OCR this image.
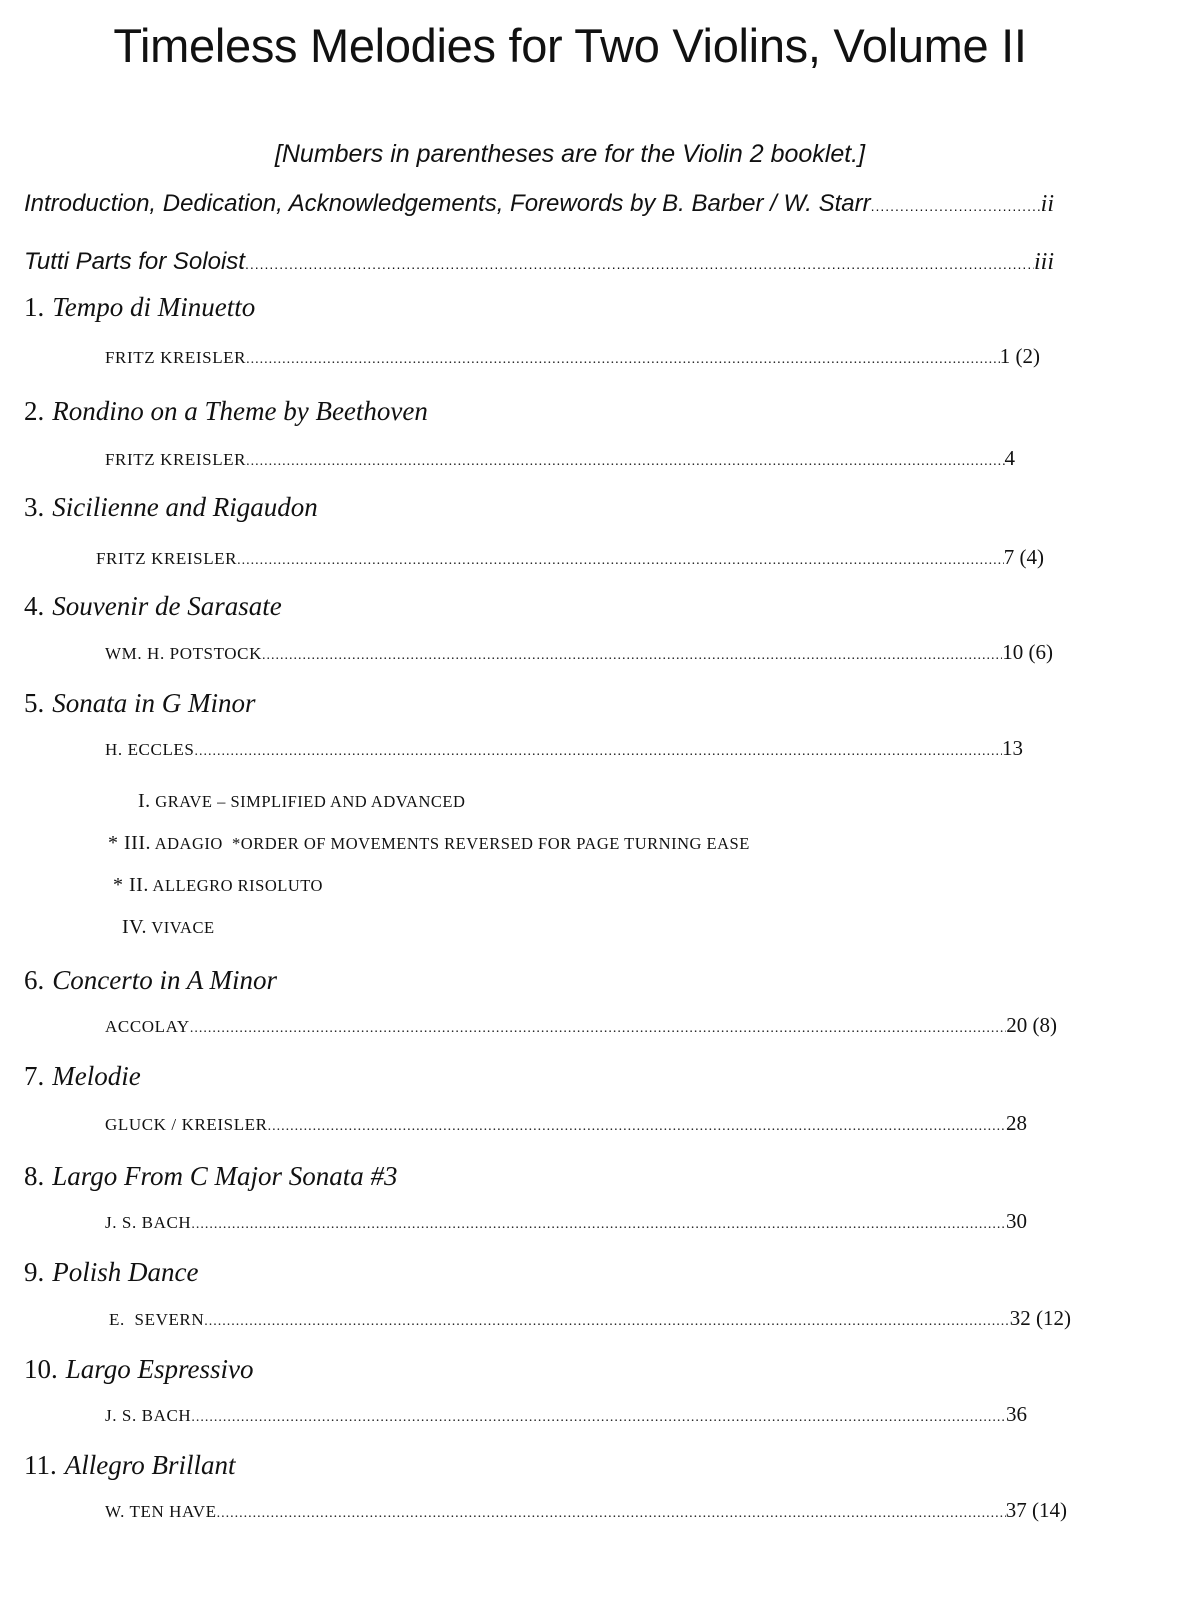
Timeless Melodies for Two Violins, Volume II
[Numbers in parentheses are for the Violin 2 booklet.]
Introduction, Dedication, Acknowledgements, Forewords by B. Barber / W. Starr .....	ii
Tutti Parts for Soloist .....	iii
1. Tempo di Minuetto
FRITZ KREISLER .....	1 (2)
2. Rondino on a Theme by Beethoven
FRITZ KREISLER .....	4
3. Sicilienne and Rigaudon
FRITZ KREISLER .....	7 (4)
4. Souvenir de Sarasate
WM. H. POTSTOCK .....	10 (6)
5. Sonata in G Minor
H. ECCLES .....	13
I. GRAVE – SIMPLIFIED AND ADVANCED
* III. ADAGIO  *ORDER OF MOVEMENTS REVERSED FOR PAGE TURNING EASE
* II. ALLEGRO RISOLUTO
IV. VIVACE
6. Concerto in A Minor
ACCOLAY .....	20 (8)
7. Melodie
GLUCK / KREISLER .....	28
8. Largo From C Major Sonata #3
J. S. BACH .....	30
9. Polish Dance
E.  SEVERN .....	32 (12)
10. Largo Espressivo
J. S. BACH .....	36
11. Allegro Brillant
W. TEN HAVE .....	37 (14)
